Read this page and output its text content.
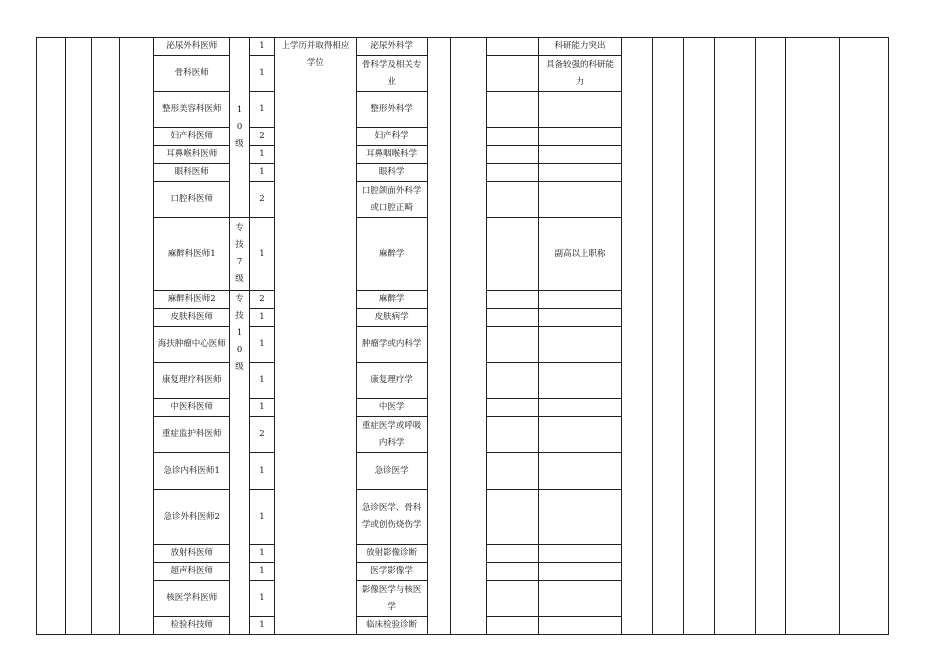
				泌尿外科医师	10级	1	上学历并取得相应学位	泌尿外科学				科研能力突出							

				骨科医师		1		骨科学及相关专业				具备较强的科研能力							

				整形美容科医师		1		整形外科学											

				妇产科医师		2		妇产科学											

				耳鼻喉科医师		1		耳鼻咽喉科学											

				眼科医师		1		眼科学											

				口腔科医师		2		口腔颌面外科学或口腔正畸											

				麻醉科医师1	专技7级	1		麻醉学				副高以上职称							

				麻醉科医师2	专技10级	2		麻醉学											

				皮肤科医师		1		皮肤病学											

				海扶肿瘤中心医师		1		肿瘤学或内科学											

				康复理疗科医师		1		康复理疗学											

				中医科医师		1		中医学											

				重症监护科医师		2		重症医学或呼吸内科学											

				急诊内科医师1		1		急诊医学											

				急诊外科医师2		1		急诊医学、骨科学或创伤烧伤学											

				放射科医师		1		放射影像诊断											

				超声科医师		1		医学影像学											

				核医学科医师		1		影像医学与核医学											

				检验科技师		1		临床检验诊断											
